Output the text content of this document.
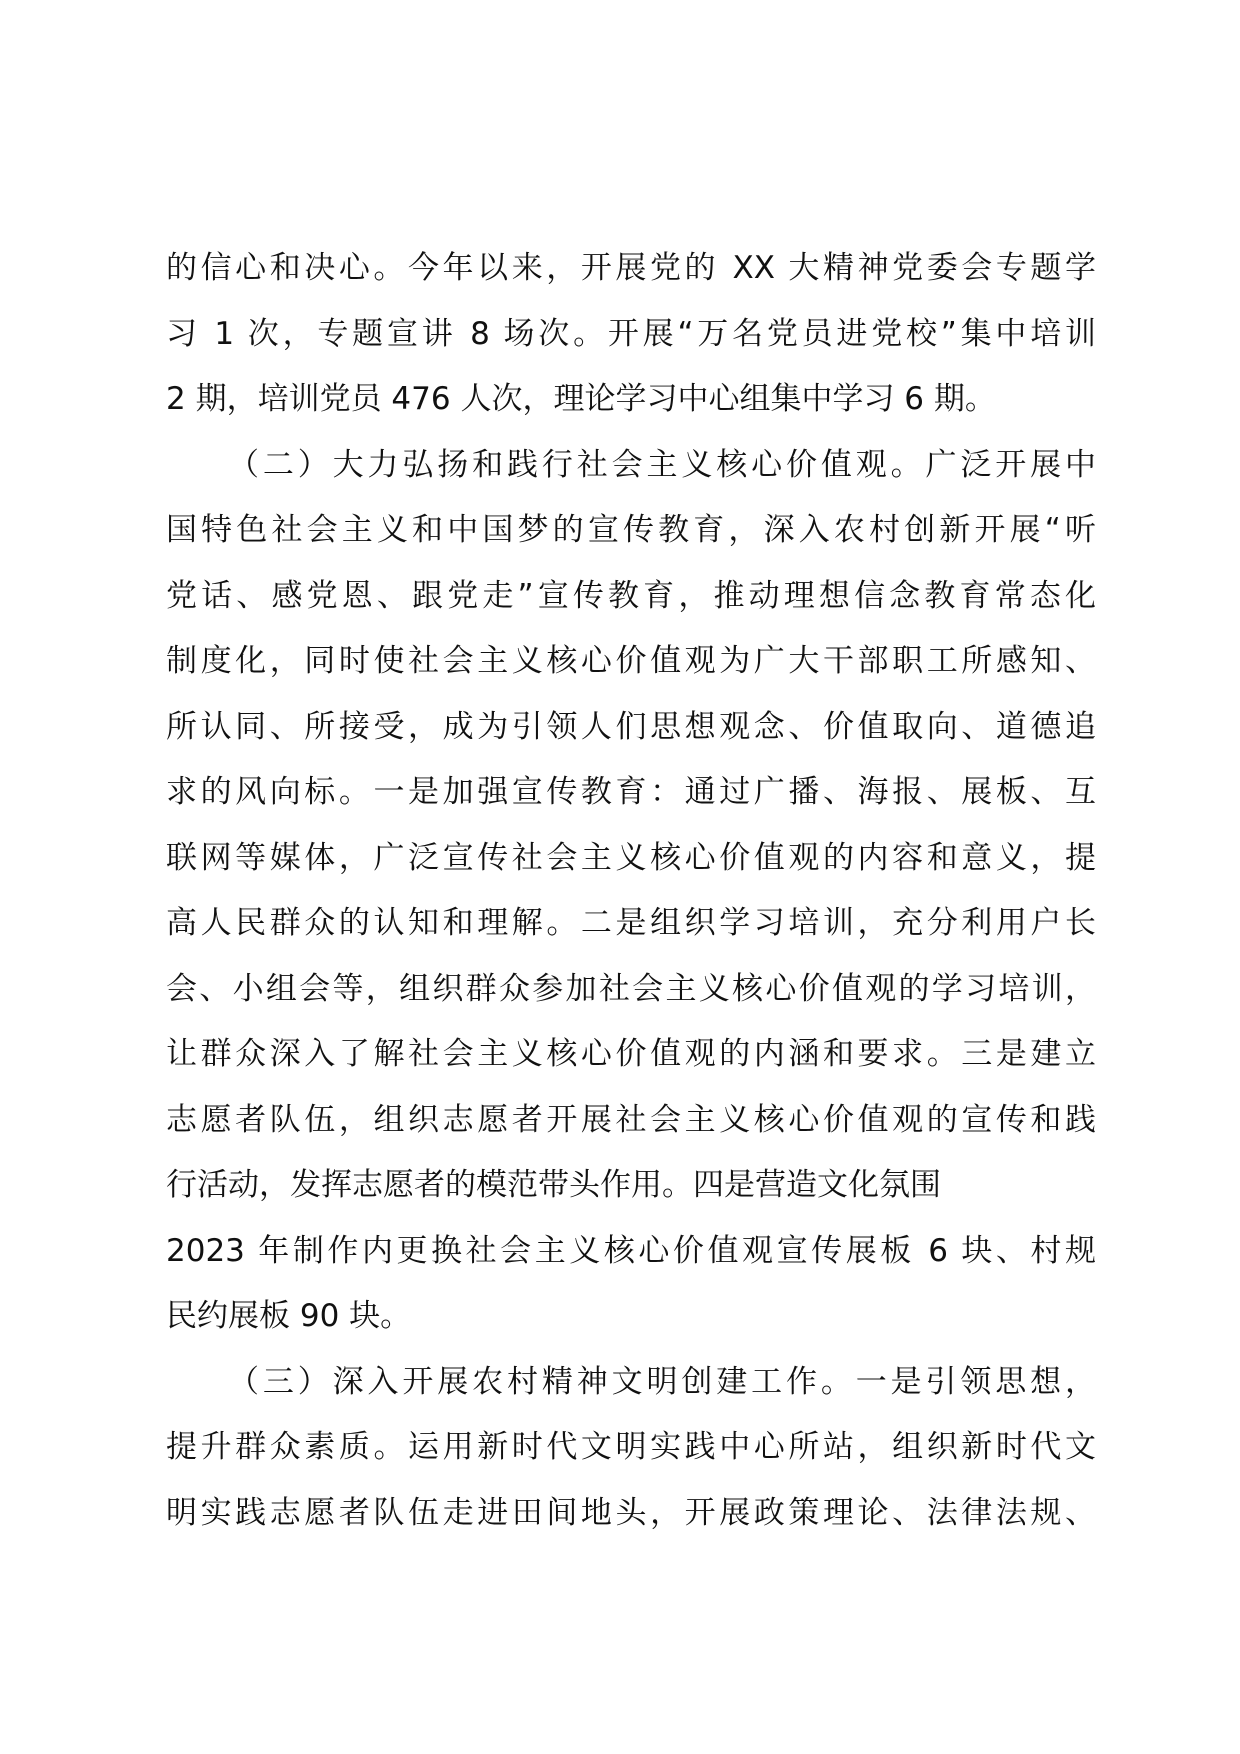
的信心和决心。今年以来，开展党的 XX 大精神党委会专题学
习 1 次，专题宣讲 8 场次。开展“万名党员进党校”集中培训
2 期，培训党员 476 人次，理论学习中心组集中学习 6 期。
（二）大力弘扬和践行社会主义核心价值观。广泛开展中
国特色社会主义和中国梦的宣传教育，深入农村创新开展“听
党话、感党恩、跟党走”宣传教育，推动理想信念教育常态化
制度化，同时使社会主义核心价值观为广大干部职工所感知、
所认同、所接受，成为引领人们思想观念、价值取向、道德追
求的风向标。一是加强宣传教育：通过广播、海报、展板、互
联网等媒体，广泛宣传社会主义核心价值观的内容和意义，提
高人民群众的认知和理解。二是组织学习培训，充分利用户长
会、小组会等，组织群众参加社会主义核心价值观的学习培训，
让群众深入了解社会主义核心价值观的内涵和要求。三是建立
志愿者队伍，组织志愿者开展社会主义核心价值观的宣传和践
行活动，发挥志愿者的模范带头作用。四是营造文化氛围
2023 年制作内更换社会主义核心价值观宣传展板 6 块、村规
民约展板 90 块。
（三）深入开展农村精神文明创建工作。一是引领思想，
提升群众素质。运用新时代文明实践中心所站，组织新时代文
明实践志愿者队伍走进田间地头，开展政策理论、法律法规、
